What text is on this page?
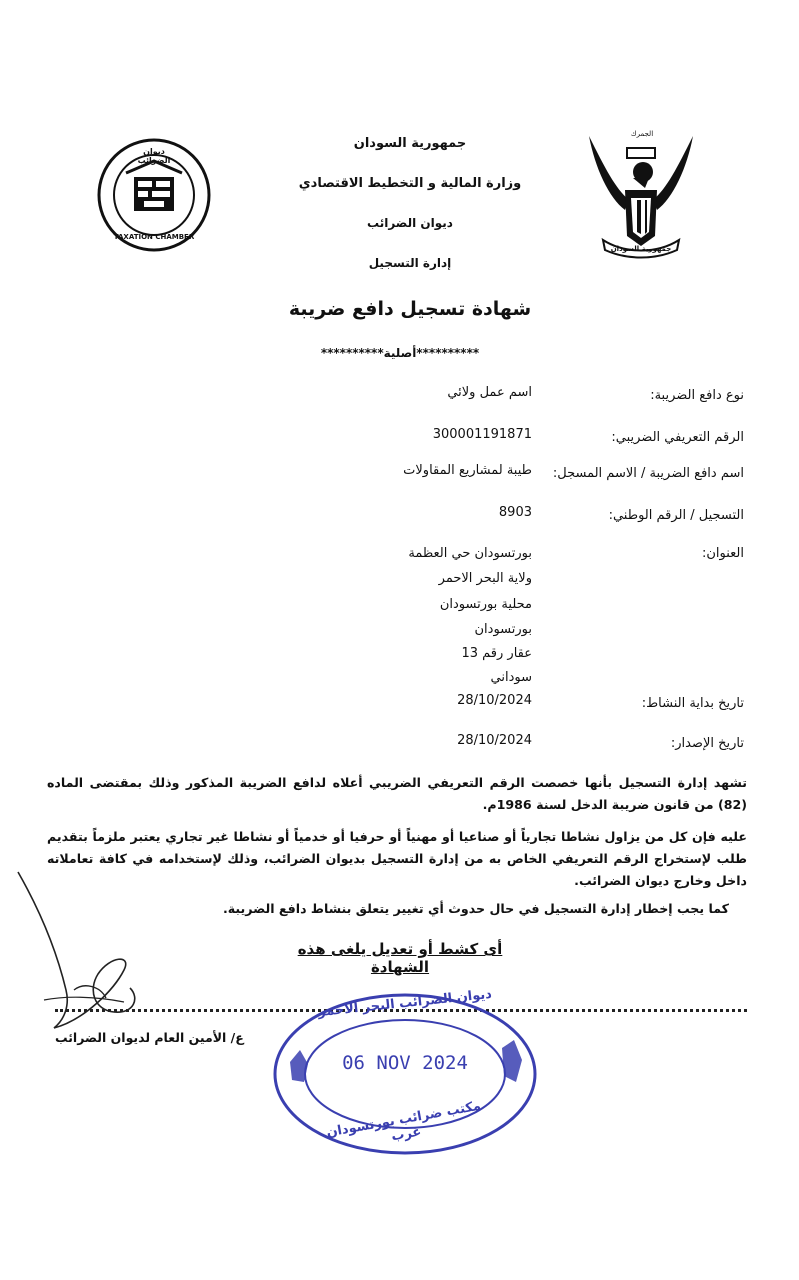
ديوان الضرائب
TAXATION CHAMBER
الجمرك
جمهورية السودان
جمهورية السودان
وزارة المالية و التخطيط الاقتصادي
ديوان الضرائب
إدارة التسجيل
شهادة تسجيل دافع ضريبة
**********أصلية**********
نوع دافع الضريبة:
اسم عمل ولائي
الرقم التعريفي الضريبي:
300001191871
اسم دافع الضريبة / الاسم المسجل:
طيبة لمشاريع المقاولات
التسجيل / الرقم الوطني:
8903
العنوان:
بورتسودان حي العظمة
ولاية البحر الاحمر
محلية بورتسودان
بورتسودان
عقار رقم 13
سوداني
تاريخ بداية النشاط:
28/10/2024
تاريخ الإصدار:
28/10/2024
تشهد إدارة التسجيل بأنها خصصت الرقم التعريفي الضريبي أعلاه لدافع الضريبة المذكور وذلك بمقتضى الماده (82) من قانون ضريبة الدخل لسنة 1986م.
عليه فإن كل من يزاول نشاطا تجارياً أو صناعيا أو مهنياً أو حرفيا أو خدمياً أو نشاطا غير تجاري يعتبر ملزماً بتقديم طلب لإستخراج الرقم التعريفي الخاص به من إدارة التسجيل بديوان الضرائب، وذلك لإستخدامه في كافة تعاملاته داخل وخارج ديوان الضرائب.
كما يجب إخطار إدارة التسجيل في حال حدوث أي تغيير يتعلق بنشاط دافع الضريبة.
أى كشط أو تعديل يلغى هذه الشهادة
ع/ الأمين العام لديوان الضرائب
ديوان الضرائب البحر الاحمر
06 NOV 2024
مكتب ضرائب بورتسودان غرب
